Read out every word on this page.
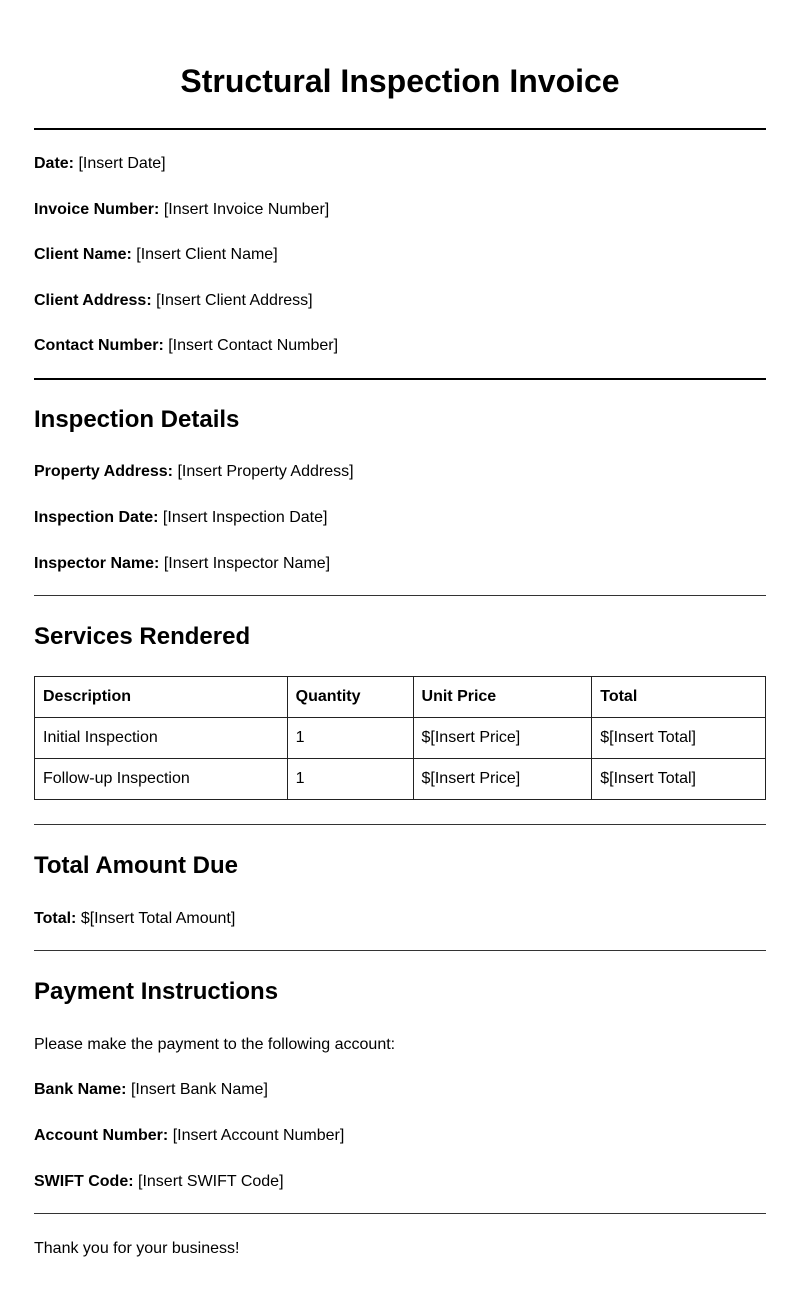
Structural Inspection Invoice
Date: [Insert Date]
Invoice Number: [Insert Invoice Number]
Client Name: [Insert Client Name]
Client Address: [Insert Client Address]
Contact Number: [Insert Contact Number]
Inspection Details
Property Address: [Insert Property Address]
Inspection Date: [Insert Inspection Date]
Inspector Name: [Insert Inspector Name]
Services Rendered
Description	Quantity	Unit Price	Total
Initial Inspection	1	$[Insert Price]	$[Insert Total]
Follow-up Inspection	1	$[Insert Price]	$[Insert Total]
Total Amount Due
Total: $[Insert Total Amount]
Payment Instructions
Please make the payment to the following account:
Bank Name: [Insert Bank Name]
Account Number: [Insert Account Number]
SWIFT Code: [Insert SWIFT Code]
Thank you for your business!
